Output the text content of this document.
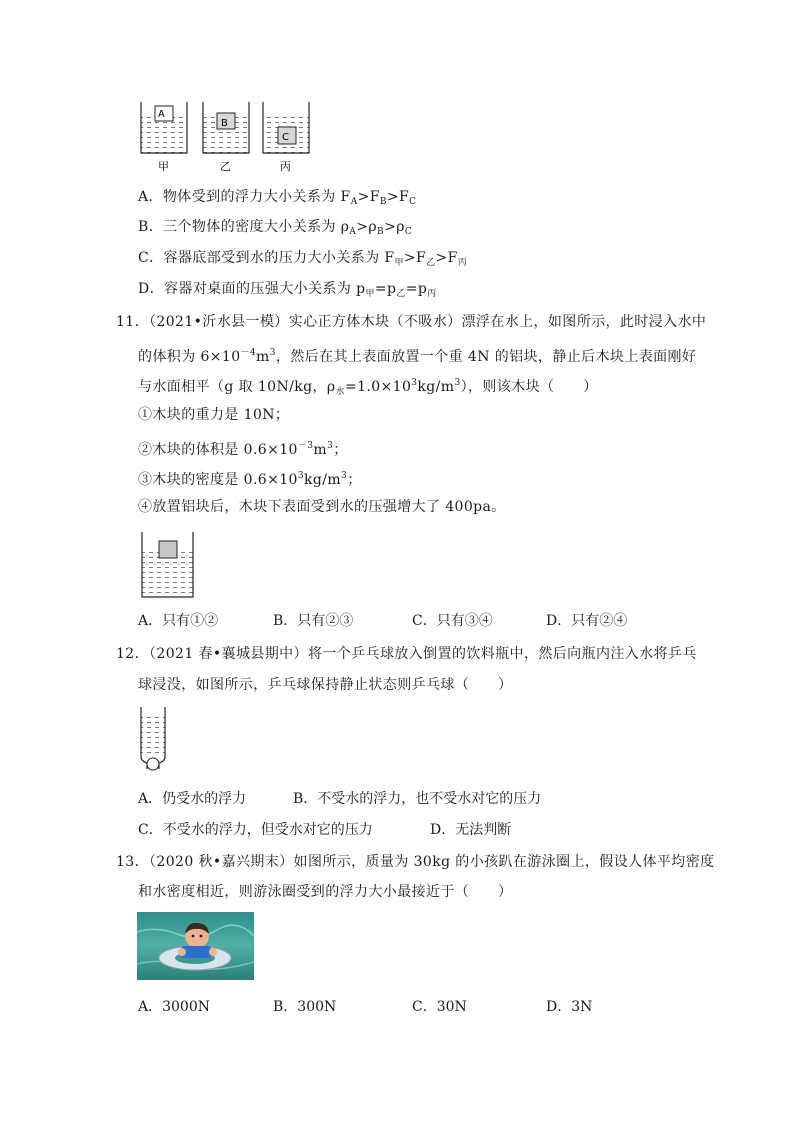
A
B
C
甲	乙	丙
A．物体受到的浮力大小关系为 $F_A>F_B>F_C$
B．三个物体的密度大小关系为 $\rho_A>\rho_B>\rho_C$
C．容器底部受到水的压力大小关系为 $F_甲>F_乙>F_丙$
D．容器对桌面的压强大小关系为 $p_甲=p_乙=p_丙$
11．（2021•沂水县一模）实心正方体木块（不吸水）漂浮在水上，如图所示，此时浸入水中
的体积为 $6\times 10^{-4}m^3$，然后在其上表面放置一个重 4N 的铝块，静止后木块上表面刚好
与水面相平（g 取 10N/kg，$\rho_水=1.0\times 10^3kg/m^3$），则该木块（　　）
①木块的重力是 10N；
②木块的体积是 $0.6\times 10^{-3}m^3$；
③木块的密度是 $0.6\times 10^3kg/m^3$；
④放置铝块后，木块下表面受到水的压强增大了 400pa。
A．只有①②	B．只有②③	C．只有③④	D．只有②④
12．（2021 春•襄城县期中）将一个乒乓球放入倒置的饮料瓶中，然后向瓶内注入水将乒乓
球浸没，如图所示，乒乓球保持静止状态则乒乓球（　　）
A．仍受水的浮力	B．不受水的浮力，也不受水对它的压力
C．不受水的浮力，但受水对它的压力	D．无法判断
13．（2020 秋•嘉兴期末）如图所示，质量为 30kg 的小孩趴在游泳圈上，假设人体平均密度
和水密度相近，则游泳圈受到的浮力大小最接近于（　　）
A．3000N	B．300N	C．30N	D．3N
